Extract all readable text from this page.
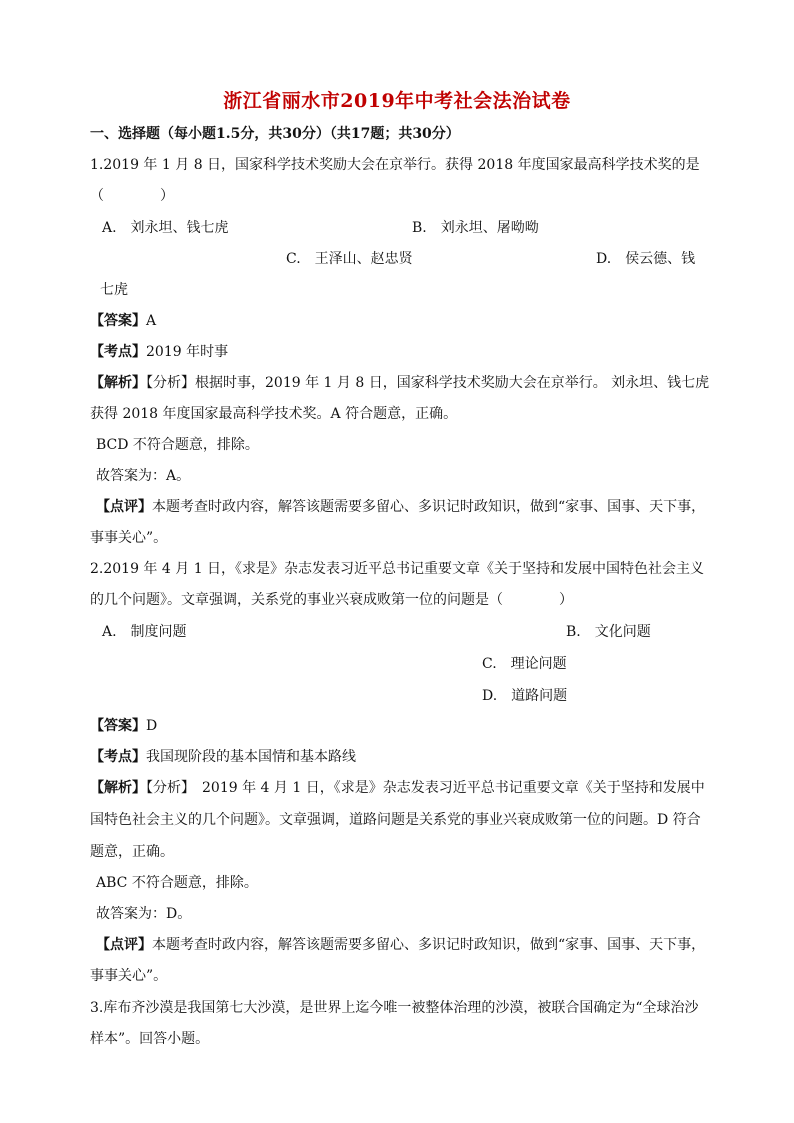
浙江省丽水市2019年中考社会法治试卷
一、选择题（每小题1.5分，共30分）（共17题；共30分）
1.2019 年 1 月 8 日，国家科学技术奖励大会在京举行。获得 2018 年度国家最高科学技术奖的是
（　　　　）
A.　刘永坦、钱七虎	B.　刘永坦、屠呦呦
C.　王泽山、赵忠贤	D.　侯云德、钱
七虎
【答案】A
【考点】2019 年时事
【解析】【分析】根据时事，2019 年 1 月 8 日，国家科学技术奖励大会在京举行。 刘永坦、钱七虎
获得 2018 年度国家最高科学技术奖。A 符合题意，正确。
BCD 不符合题意，排除。
故答案为：A。
【点评】本题考查时政内容，解答该题需要多留心、多识记时政知识，做到“家事、国事、天下事，
事事关心”。
2.2019 年 4 月 1 日，《求是》杂志发表习近平总书记重要文章《关于坚持和发展中国特色社会主义
的几个问题》。文章强调，关系党的事业兴衰成败第一位的问题是（　　　　）
A.　制度问题	B.　文化问题
C.　理论问题
D.　道路问题
【答案】D
【考点】我国现阶段的基本国情和基本路线
【解析】【分析】　2019 年 4 月 1 日，《求是》杂志发表习近平总书记重要文章《关于坚持和发展中
国特色社会主义的几个问题》。文章强调，道路问题是关系党的事业兴衰成败第一位的问题。D 符合
题意，正确。
ABC 不符合题意，排除。
故答案为：D。
【点评】本题考查时政内容，解答该题需要多留心、多识记时政知识，做到“家事、国事、天下事，
事事关心”。
3.库布齐沙漠是我国第七大沙漠，是世界上迄今唯一被整体治理的沙漠，被联合国确定为“全球治沙
样本”。回答小题。
